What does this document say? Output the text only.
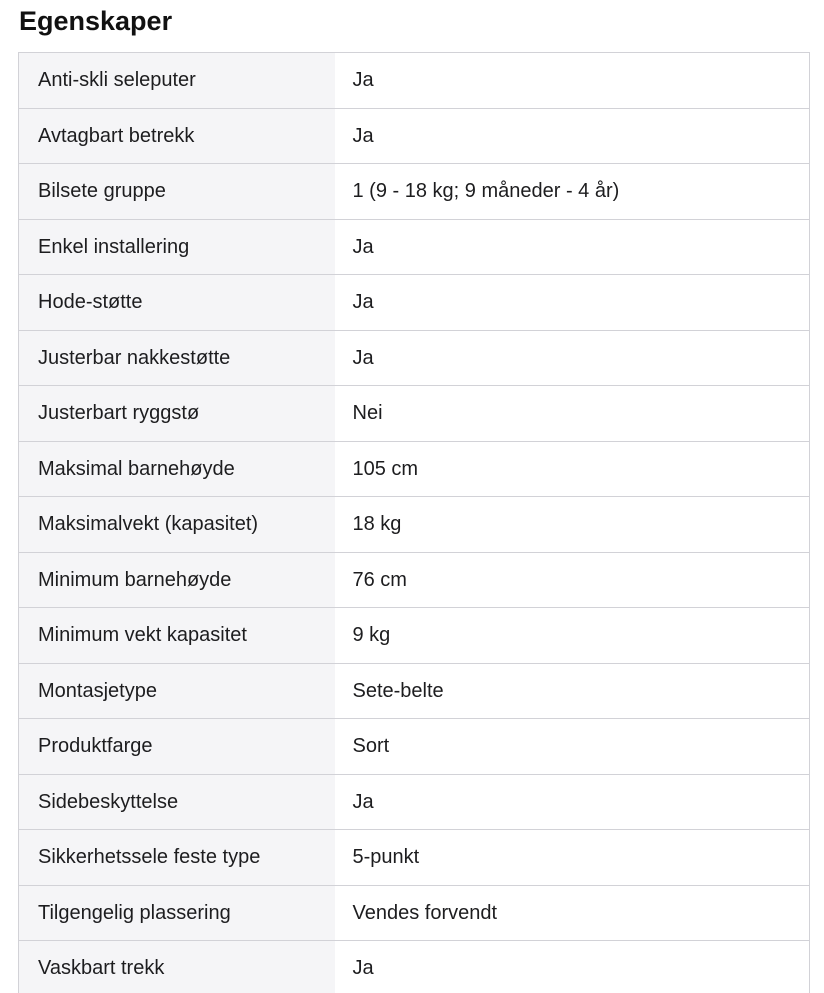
Egenskaper
Anti-skli seleputer	Ja
Avtagbart betrekk	Ja
Bilsete gruppe	1 (9 - 18 kg; 9 måneder - 4 år)
Enkel installering	Ja
Hode-støtte	Ja
Justerbar nakkestøtte	Ja
Justerbart ryggstø	Nei
Maksimal barnehøyde	105 cm
Maksimalvekt (kapasitet)	18 kg
Minimum barnehøyde	76 cm
Minimum vekt kapasitet	9 kg
Montasjetype	Sete-belte
Produktfarge	Sort
Sidebeskyttelse	Ja
Sikkerhetssele feste type	5-punkt
Tilgengelig plassering	Vendes forvendt
Vaskbart trekk	Ja
